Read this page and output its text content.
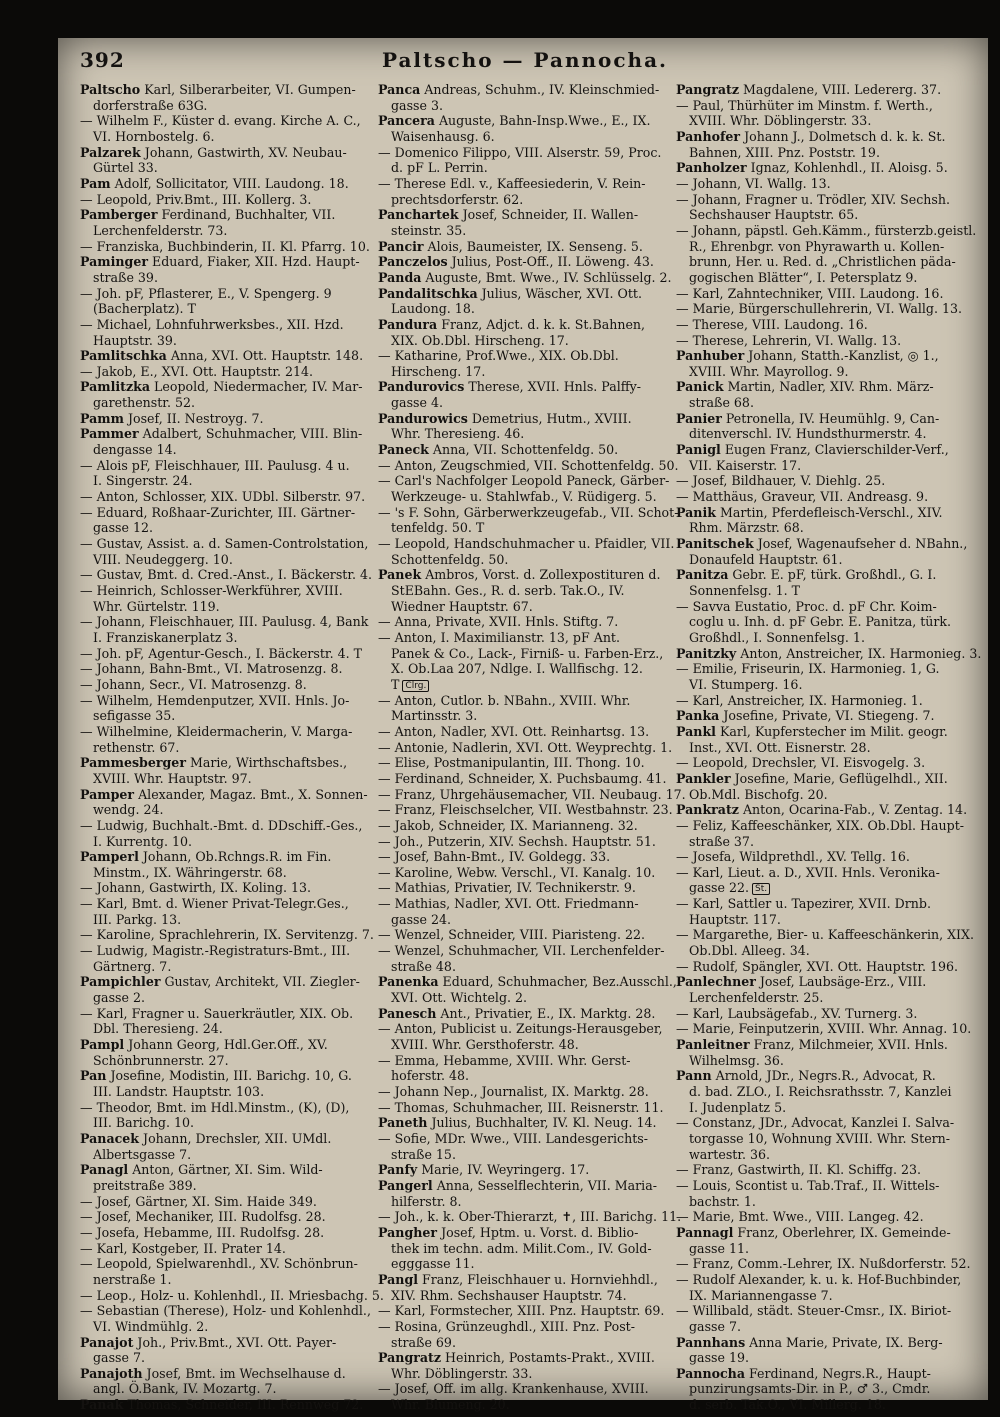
392	Paltscho — Pannocha.
Paltscho Karl, Silberarbeiter, VI. Gumpen-
dorferstraße 63G.
— Wilhelm F., Küster d. evang. Kirche A. C.,
VI. Hornbostelg. 6.
Palzarek Johann, Gastwirth, XV. Neubau-
Gürtel 33.
Pam Adolf, Sollicitator, VIII. Laudong. 18.
— Leopold, Priv.Bmt., III. Kollerg. 3.
Pamberger Ferdinand, Buchhalter, VII.
Lerchenfelderstr. 73.
— Franziska, Buchbinderin, II. Kl. Pfarrg. 10.
Paminger Eduard, Fiaker, XII. Hzd. Haupt-
straße 39.
— Joh. pF, Pflasterer, E., V. Spengerg. 9
(Bacherplatz). T
— Michael, Lohnfuhrwerksbes., XII. Hzd.
Hauptstr. 39.
Pamlitschka Anna, XVI. Ott. Hauptstr. 148.
— Jakob, E., XVI. Ott. Hauptstr. 214.
Pamlitzka Leopold, Niedermacher, IV. Mar-
garethenstr. 52.
Pamm Josef, II. Nestroyg. 7.
Pammer Adalbert, Schuhmacher, VIII. Blin-
dengasse 14.
— Alois pF, Fleischhauer, III. Paulusg. 4 u.
I. Singerstr. 24.
— Anton, Schlosser, XIX. UDbl. Silberstr. 97.
— Eduard, Roßhaar-Zurichter, III. Gärtner-
gasse 12.
— Gustav, Assist. a. d. Samen-Controlstation,
VIII. Neudeggerg. 10.
— Gustav, Bmt. d. Cred.-Anst., I. Bäckerstr. 4.
— Heinrich, Schlosser-Werkführer, XVIII.
Whr. Gürtelstr. 119.
— Johann, Fleischhauer, III. Paulusg. 4, Bank
I. Franziskanerplatz 3.
— Joh. pF, Agentur-Gesch., I. Bäckerstr. 4. T
— Johann, Bahn-Bmt., VI. Matrosenzg. 8.
— Johann, Secr., VI. Matrosenzg. 8.
— Wilhelm, Hemdenputzer, XVII. Hnls. Jo-
sefigasse 35.
— Wilhelmine, Kleidermacherin, V. Marga-
rethenstr. 67.
Pammesberger Marie, Wirthschaftsbes.,
XVIII. Whr. Hauptstr. 97.
Pamper Alexander, Magaz. Bmt., X. Sonnen-
wendg. 24.
— Ludwig, Buchhalt.-Bmt. d. DDschiff.-Ges.,
I. Kurrentg. 10.
Pamperl Johann, Ob.Rchngs.R. im Fin.
Minstm., IX. Währingerstr. 68.
— Johann, Gastwirth, IX. Koling. 13.
— Karl, Bmt. d. Wiener Privat-Telegr.Ges.,
III. Parkg. 13.
— Karoline, Sprachlehrerin, IX. Servitenzg. 7.
— Ludwig, Magistr.-Registraturs-Bmt., III.
Gärtnerg. 7.
Pampichler Gustav, Architekt, VII. Ziegler-
gasse 2.
— Karl, Fragner u. Sauerkräutler, XIX. Ob.
Dbl. Theresieng. 24.
Pampl Johann Georg, Hdl.Ger.Off., XV.
Schönbrunnerstr. 27.
Pan Josefine, Modistin, III. Barichg. 10, G.
III. Landstr. Hauptstr. 103.
— Theodor, Bmt. im Hdl.Minstm., (K), (D),
III. Barichg. 10.
Panacek Johann, Drechsler, XII. UMdl.
Albertsgasse 7.
Panagl Anton, Gärtner, XI. Sim. Wild-
preitstraße 389.
— Josef, Gärtner, XI. Sim. Haide 349.
— Josef, Mechaniker, III. Rudolfsg. 28.
— Josefa, Hebamme, III. Rudolfsg. 28.
— Karl, Kostgeber, II. Prater 14.
— Leopold, Spielwarenhdl., XV. Schönbrun-
nerstraße 1.
— Leop., Holz- u. Kohlenhdl., II. Mriesbachg. 5.
— Sebastian (Therese), Holz- und Kohlenhdl.,
VI. Windmühlg. 2.
Panajot Joh., Priv.Bmt., XVI. Ott. Payer-
gasse 7.
Panajoth Josef, Bmt. im Wechselhause d.
angl. Ö.Bank, IV. Mozartg. 7.
Panak Thomas, Schneider, III. Rennweg 72.
Panca Andreas, Schuhm., IV. Kleinschmied-
gasse 3.
Pancera Auguste, Bahn-Insp.Wwe., E., IX.
Waisenhausg. 6.
— Domenico Filippo, VIII. Alserstr. 59, Proc.
d. pF L. Perrin.
— Therese Edl. v., Kaffeesiederin, V. Rein-
prechtsdorferstr. 62.
Panchartek Josef, Schneider, II. Wallen-
steinstr. 35.
Pancir Alois, Baumeister, IX. Senseng. 5.
Panczelos Julius, Post-Off., II. Löweng. 43.
Panda Auguste, Bmt. Wwe., IV. Schlüsselg. 2.
Pandalitschka Julius, Wäscher, XVI. Ott.
Laudong. 18.
Pandura Franz, Adjct. d. k. k. St.Bahnen,
XIX. Ob.Dbl. Hirscheng. 17.
— Katharine, Prof.Wwe., XIX. Ob.Dbl.
Hirscheng. 17.
Pandurovics Therese, XVII. Hnls. Palffy-
gasse 4.
Pandurowics Demetrius, Hutm., XVIII.
Whr. Theresieng. 46.
Paneck Anna, VII. Schottenfeldg. 50.
— Anton, Zeugschmied, VII. Schottenfeldg. 50.
— Carl's Nachfolger Leopold Paneck, Gärber-
Werkzeuge- u. Stahlwfab., V. Rüdigerg. 5.
— 's F. Sohn, Gärberwerkzeugefab., VII. Schot-
tenfeldg. 50. T
— Leopold, Handschuhmacher u. Pfaidler, VII.
Schottenfeldg. 50.
Panek Ambros, Vorst. d. Zollexpostituren d.
StEBahn. Ges., R. d. serb. Tak.O., IV.
Wiedner Hauptstr. 67.
— Anna, Private, XVII. Hnls. Stiftg. 7.
— Anton, I. Maximilianstr. 13, pF Ant.
Panek & Co., Lack-, Firniß- u. Farben-Erz.,
X. Ob.Laa 207, Ndlge. I. Wallfischg. 12.
T Clrg.
— Anton, Cutlor. b. NBahn., XVIII. Whr.
Martinsstr. 3.
— Anton, Nadler, XVI. Ott. Reinhartsg. 13.
— Antonie, Nadlerin, XVI. Ott. Weyprechtg. 1.
— Elise, Postmanipulantin, III. Thong. 10.
— Ferdinand, Schneider, X. Puchsbaumg. 41.
— Franz, Uhrgehäusemacher, VII. Neubaug. 17.
— Franz, Fleischselcher, VII. Westbahnstr. 23.
— Jakob, Schneider, IX. Marianneng. 32.
— Joh., Putzerin, XIV. Sechsh. Hauptstr. 51.
— Josef, Bahn-Bmt., IV. Goldegg. 33.
— Karoline, Webw. Verschl., VI. Kanalg. 10.
— Mathias, Privatier, IV. Technikerstr. 9.
— Mathias, Nadler, XVI. Ott. Friedmann-
gasse 24.
— Wenzel, Schneider, VIII. Piaristeng. 22.
— Wenzel, Schuhmacher, VII. Lerchenfelder-
straße 48.
Panenka Eduard, Schuhmacher, Bez.Ausschl.,
XVI. Ott. Wichtelg. 2.
Panesch Ant., Privatier, E., IX. Marktg. 28.
— Anton, Publicist u. Zeitungs-Herausgeber,
XVIII. Whr. Gersthoferstr. 48.
— Emma, Hebamme, XVIII. Whr. Gerst-
hoferstr. 48.
— Johann Nep., Journalist, IX. Marktg. 28.
— Thomas, Schuhmacher, III. Reisnerstr. 11.
Paneth Julius, Buchhalter, IV. Kl. Neug. 14.
— Sofie, MDr. Wwe., VIII. Landesgerichts-
straße 15.
Panfy Marie, IV. Weyringerg. 17.
Pangerl Anna, Sesselflechterin, VII. Maria-
hilferstr. 8.
— Joh., k. k. Ober-Thierarzt, ✝, III. Barichg. 11.
Pangher Josef, Hptm. u. Vorst. d. Biblio-
thek im techn. adm. Milit.Com., IV. Gold-
egggasse 11.
Pangl Franz, Fleischhauer u. Hornviehhdl.,
XIV. Rhm. Sechshauser Hauptstr. 74.
— Karl, Formstecher, XIII. Pnz. Hauptstr. 69.
— Rosina, Grünzeughdl., XIII. Pnz. Post-
straße 69.
Pangratz Heinrich, Postamts-Prakt., XVIII.
Whr. Döblingerstr. 33.
— Josef, Off. im allg. Krankenhause, XVIII.
Whr. Blumeng. 20.
Pangratz Magdalene, VIII. Ledererg. 37.
— Paul, Thürhüter im Minstm. f. Werth.,
XVIII. Whr. Döblingerstr. 33.
Panhofer Johann J., Dolmetsch d. k. k. St.
Bahnen, XIII. Pnz. Poststr. 19.
Panholzer Ignaz, Kohlenhdl., II. Aloisg. 5.
— Johann, VI. Wallg. 13.
— Johann, Fragner u. Trödler, XIV. Sechsh.
Sechshauser Hauptstr. 65.
— Johann, päpstl. Geh.Kämm., fürsterzb.geistl.
R., Ehrenbgr. von Phyrawarth u. Kollen-
brunn, Her. u. Red. d. „Christlichen päda-
gogischen Blätter“, I. Petersplatz 9.
— Karl, Zahntechniker, VIII. Laudong. 16.
— Marie, Bürgerschullehrerin, VI. Wallg. 13.
— Therese, VIII. Laudong. 16.
— Therese, Lehrerin, VI. Wallg. 13.
Panhuber Johann, Statth.-Kanzlist, ◎ 1.,
XVIII. Whr. Mayrollog. 9.
Panick Martin, Nadler, XIV. Rhm. März-
straße 68.
Panier Petronella, IV. Heumühlg. 9, Can-
ditenverschl. IV. Hundsthurmerstr. 4.
Panigl Eugen Franz, Clavierschilder-Verf.,
VII. Kaiserstr. 17.
— Josef, Bildhauer, V. Diehlg. 25.
— Matthäus, Graveur, VII. Andreasg. 9.
Panik Martin, Pferdefleisch-Verschl., XIV.
Rhm. Märzstr. 68.
Panitschek Josef, Wagenaufseher d. NBahn.,
Donaufeld Hauptstr. 61.
Panitza Gebr. E. pF, türk. Großhdl., G. I.
Sonnenfelsg. 1. T
— Savva Eustatio, Proc. d. pF Chr. Koim-
coglu u. Inh. d. pF Gebr. E. Panitza, türk.
Großhdl., I. Sonnenfelsg. 1.
Panitzky Anton, Anstreicher, IX. Harmonieg. 3.
— Emilie, Friseurin, IX. Harmonieg. 1, G.
VI. Stumperg. 16.
— Karl, Anstreicher, IX. Harmonieg. 1.
Panka Josefine, Private, VI. Stiegeng. 7.
Pankl Karl, Kupferstecher im Milit. geogr.
Inst., XVI. Ott. Eisnerstr. 28.
— Leopold, Drechsler, VI. Eisvogelg. 3.
Pankler Josefine, Marie, Geflügelhdl., XII.
Ob.Mdl. Bischofg. 20.
Pankratz Anton, Ocarina-Fab., V. Zentag. 14.
— Feliz, Kaffeeschänker, XIX. Ob.Dbl. Haupt-
straße 37.
— Josefa, Wildprethdl., XV. Tellg. 16.
— Karl, Lieut. a. D., XVII. Hnls. Veronika-
gasse 22. St.
— Karl, Sattler u. Tapezirer, XVII. Drnb.
Hauptstr. 117.
— Margarethe, Bier- u. Kaffeeschänkerin, XIX.
Ob.Dbl. Alleeg. 34.
— Rudolf, Spängler, XVI. Ott. Hauptstr. 196.
Panlechner Josef, Laubsäge-Erz., VIII.
Lerchenfelderstr. 25.
— Karl, Laubsägefab., XV. Turnerg. 3.
— Marie, Feinputzerin, XVIII. Whr. Annag. 10.
Panleitner Franz, Milchmeier, XVII. Hnls.
Wilhelmsg. 36.
Pann Arnold, JDr., Negrs.R., Advocat, R.
d. bad. ZLO., I. Reichsrathsstr. 7, Kanzlei
I. Judenplatz 5.
— Constanz, JDr., Advocat, Kanzlei I. Salva-
torgasse 10, Wohnung XVIII. Whr. Stern-
wartestr. 36.
— Franz, Gastwirth, II. Kl. Schiffg. 23.
— Louis, Scontist u. Tab.Traf., II. Wittels-
bachstr. 1.
— Marie, Bmt. Wwe., VIII. Langeg. 42.
Pannagl Franz, Oberlehrer, IX. Gemeinde-
gasse 11.
— Franz, Comm.-Lehrer, IX. Nußdorferstr. 52.
— Rudolf Alexander, k. u. k. Hof-Buchbinder,
IX. Mariannengasse 7.
— Willibald, städt. Steuer-Cmsr., IX. Biriot-
gasse 7.
Pannhans Anna Marie, Private, IX. Berg-
gasse 19.
Pannocha Ferdinand, Negrs.R., Haupt-
punzirungsamts-Dir. in P., ♂ 3., Cmdr.
d. serb. Tak.O., VI. Millerg. 18.
